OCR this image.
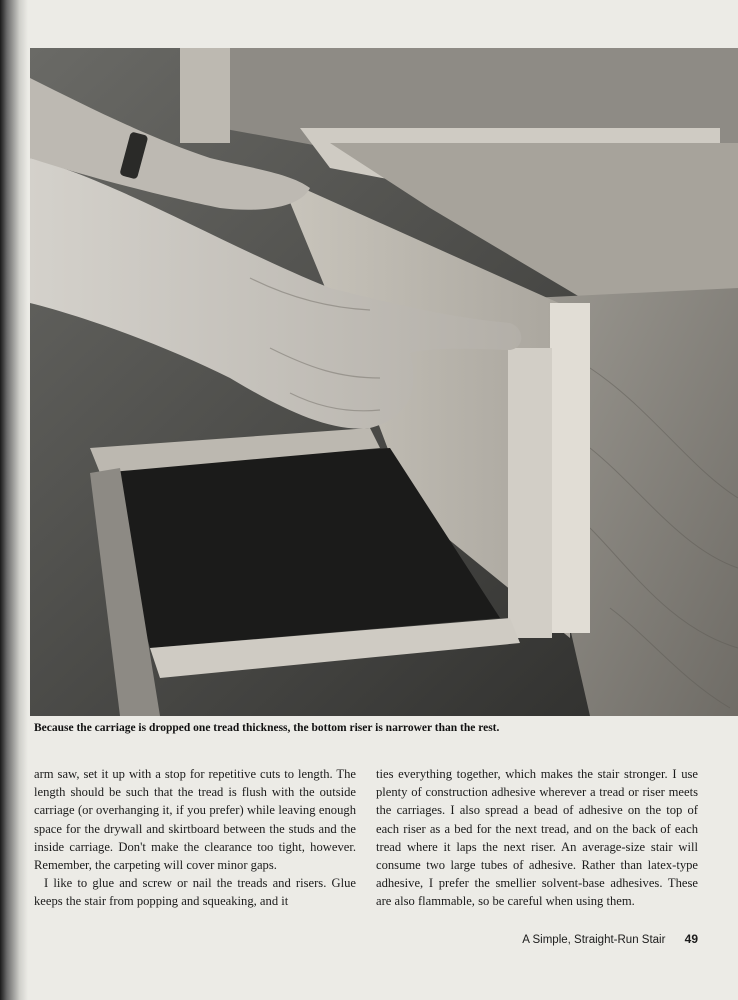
Because the carriage is dropped one tread thickness, the bottom riser is narrower than the rest.

arm saw, set it up with a stop for repetitive cuts to length. The length should be such that the tread is flush with the outside carriage (or overhanging it, if you prefer) while leaving enough space for the drywall and skirtboard between the studs and the inside carriage. Don't make the clearance too tight, however. Remember, the carpeting will cover minor gaps.

I like to glue and screw or nail the treads and risers. Glue keeps the stair from popping and squeaking, and it

ties everything together, which makes the stair stronger. I use plenty of construction adhesive wherever a tread or riser meets the carriages. I also spread a bead of adhesive on the top of each riser as a bed for the next tread, and on the back of each tread where it laps the next riser. An average-size stair will consume two large tubes of adhesive. Rather than latex-type adhesive, I prefer the smellier solvent-base adhesives. These are also flammable, so be careful when using them.

A Simple, Straight-Run Stair 49
